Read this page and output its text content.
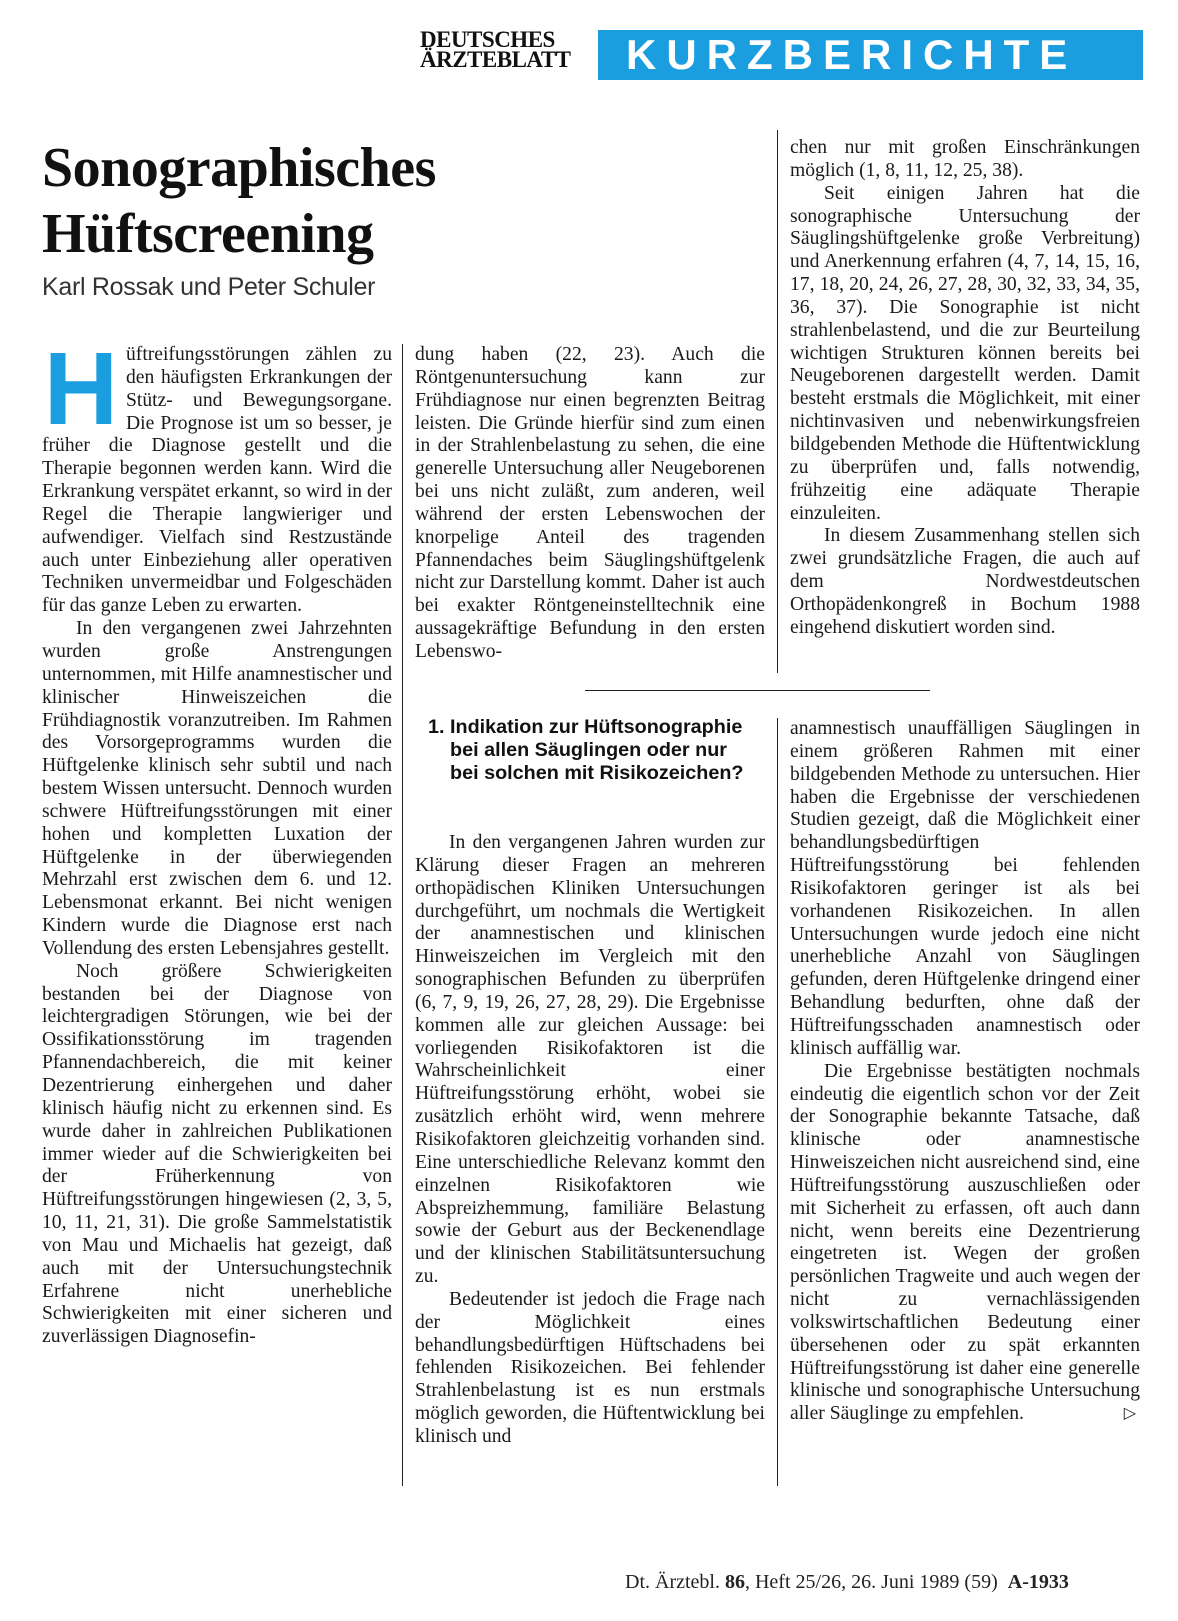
DEUTSCHES
ÄRZTEBLATT	KURZBERICHTE
Sonographisches
Hüftscreening
Karl Rossak und Peter Schuler

Hüftreifungsstörungen zählen zu den häufigsten Erkrankungen der Stütz- und Bewegungsorgane. Die Prognose ist um so besser, je früher die Diagnose gestellt und die Therapie begonnen werden kann. Wird die Erkrankung verspätet erkannt, so wird in der Regel die Therapie langwieriger und aufwendiger. Vielfach sind Restzustände auch unter Einbeziehung aller operativen Techniken unvermeidbar und Folgeschäden für das ganze Leben zu erwarten.

In den vergangenen zwei Jahrzehnten wurden große Anstrengungen unternommen, mit Hilfe anamnestischer und klinischer Hinweiszeichen die Frühdiagnostik voranzutreiben. Im Rahmen des Vorsorgeprogramms wurden die Hüftgelenke klinisch sehr subtil und nach bestem Wissen untersucht. Dennoch wurden schwere Hüftreifungsstörungen mit einer hohen und kompletten Luxation der Hüftgelenke in der überwiegenden Mehrzahl erst zwischen dem 6. und 12. Lebensmonat erkannt. Bei nicht wenigen Kindern wurde die Diagnose erst nach Vollendung des ersten Lebensjahres gestellt.

Noch größere Schwierigkeiten bestanden bei der Diagnose von leichtergradigen Störungen, wie bei der Ossifikationsstörung im tragenden Pfannendachbereich, die mit keiner Dezentrierung einhergehen und daher klinisch häufig nicht zu erkennen sind. Es wurde daher in zahlreichen Publikationen immer wieder auf die Schwierigkeiten bei der Früherkennung von Hüftreifungsstörungen hingewiesen (2, 3, 5, 10, 11, 21, 31). Die große Sammelstatistik von Mau und Michaelis hat gezeigt, daß auch mit der Untersuchungstechnik Erfahrene nicht unerhebliche Schwierigkeiten mit einer sicheren und zuverlässigen Diagnosefin-

dung haben (22, 23). Auch die Röntgenuntersuchung kann zur Frühdiagnose nur einen begrenzten Beitrag leisten. Die Gründe hierfür sind zum einen in der Strahlenbelastung zu sehen, die eine generelle Untersuchung aller Neugeborenen bei uns nicht zuläßt, zum anderen, weil während der ersten Lebenswochen der knorpelige Anteil des tragenden Pfannendaches beim Säuglingshüftgelenk nicht zur Darstellung kommt. Daher ist auch bei exakter Röntgeneinstelltechnik eine aussagekräftige Befundung in den ersten Lebenswo-

chen nur mit großen Einschränkungen möglich (1, 8, 11, 12, 25, 38).

Seit einigen Jahren hat die sonographische Untersuchung der Säuglingshüftgelenke große Verbreitung) und Anerkennung erfahren (4, 7, 14, 15, 16, 17, 18, 20, 24, 26, 27, 28, 30, 32, 33, 34, 35, 36, 37). Die Sonographie ist nicht strahlenbelastend, und die zur Beurteilung wichtigen Strukturen können bereits bei Neugeborenen dargestellt werden. Damit besteht erstmals die Möglichkeit, mit einer nichtinvasiven und nebenwirkungsfreien bildgebenden Methode die Hüftentwicklung zu überprüfen und, falls notwendig, frühzeitig eine adäquate Therapie einzuleiten.

In diesem Zusammenhang stellen sich zwei grundsätzliche Fragen, die auch auf dem Nordwestdeutschen Orthopädenkongreß in Bochum 1988 eingehend diskutiert worden sind.

1. Indikation zur Hüftsonographie bei allen Säuglingen oder nur bei solchen mit Risikozeichen?

In den vergangenen Jahren wurden zur Klärung dieser Fragen an mehreren orthopädischen Kliniken Untersuchungen durchgeführt, um nochmals die Wertigkeit der anamnestischen und klinischen Hinweiszeichen im Vergleich mit den sonographischen Befunden zu überprüfen (6, 7, 9, 19, 26, 27, 28, 29). Die Ergebnisse kommen alle zur gleichen Aussage: bei vorliegenden Risikofaktoren ist die Wahrscheinlichkeit einer Hüftreifungsstörung erhöht, wobei sie zusätzlich erhöht wird, wenn mehrere Risikofaktoren gleichzeitig vorhanden sind. Eine unterschiedliche Relevanz kommt den einzelnen Risikofaktoren wie Abspreizhemmung, familiäre Belastung sowie der Geburt aus der Beckenendlage und der klinischen Stabilitätsuntersuchung zu.

Bedeutender ist jedoch die Frage nach der Möglichkeit eines behandlungsbedürftigen Hüftschadens bei fehlenden Risikozeichen. Bei fehlender Strahlenbelastung ist es nun erstmals möglich geworden, die Hüftentwicklung bei klinisch und

anamnestisch unauffälligen Säuglingen in einem größeren Rahmen mit einer bildgebenden Methode zu untersuchen. Hier haben die Ergebnisse der verschiedenen Studien gezeigt, daß die Möglichkeit einer behandlungsbedürftigen Hüftreifungsstörung bei fehlenden Risikofaktoren geringer ist als bei vorhandenen Risikozeichen. In allen Untersuchungen wurde jedoch eine nicht unerhebliche Anzahl von Säuglingen gefunden, deren Hüftgelenke dringend einer Behandlung bedurften, ohne daß der Hüftreifungsschaden anamnestisch oder klinisch auffällig war.

Die Ergebnisse bestätigten nochmals eindeutig die eigentlich schon vor der Zeit der Sonographie bekannte Tatsache, daß klinische oder anamnestische Hinweiszeichen nicht ausreichend sind, eine Hüftreifungsstörung auszuschließen oder mit Sicherheit zu erfassen, oft auch dann nicht, wenn bereits eine Dezentrierung eingetreten ist. Wegen der großen persönlichen Tragweite und auch wegen der nicht zu vernachlässigenden volkswirtschaftlichen Bedeutung einer übersehenen oder zu spät erkannten Hüftreifungsstörung ist daher eine generelle klinische und sonographische Untersuchung aller Säuglinge zu empfehlen.	▷

Dt. Ärztebl. 86, Heft 25/26, 26. Juni 1989 (59) A-1933
